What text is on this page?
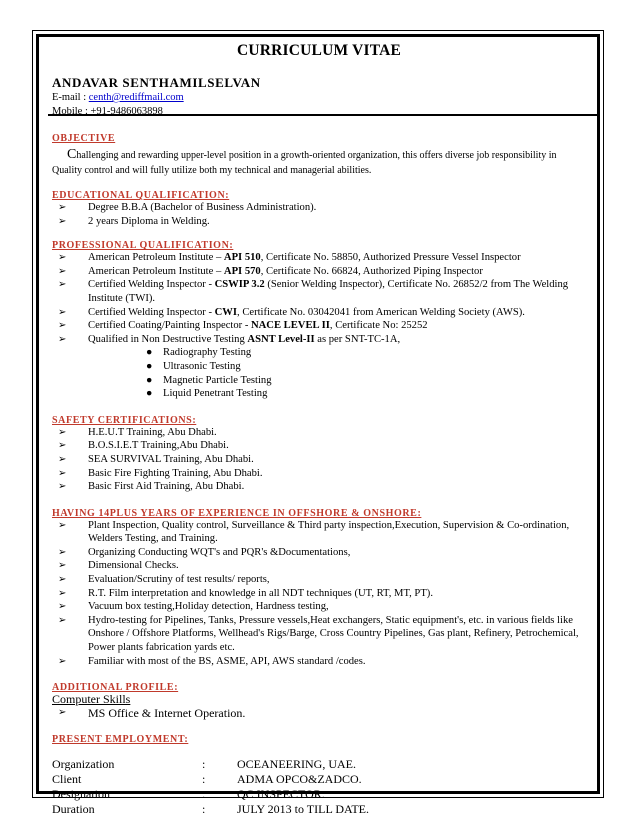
CURRICULUM VITAE
ANDAVAR SENTHAMILSELVAN
E-mail : centh@rediffmail.com
Mobile : +91-9486063898
OBJECTIVE
Challenging and rewarding upper-level position in a growth-oriented organization, this offers diverse job responsibility in Quality control and will fully utilize both my technical and managerial abilities.
EDUCATIONAL QUALIFICATION:
➢ Degree B.B.A (Bachelor of Business Administration).
➢ 2 years Diploma in Welding.
PROFESSIONAL QUALIFICATION:
➢ American Petroleum Institute – API 510, Certificate No. 58850, Authorized Pressure Vessel Inspector
➢ American Petroleum Institute – API 570, Certificate No. 66824, Authorized Piping Inspector
➢ Certified Welding Inspector - CSWIP 3.2 (Senior Welding Inspector), Certificate No. 26852/2 from The Welding Institute (TWI).
➢ Certified Welding Inspector - CWI, Certificate No. 03042041 from American Welding Society (AWS).
➢ Certified Coating/Painting Inspector - NACE LEVEL II, Certificate No: 25252
➢ Qualified in Non Destructive Testing ASNT Level-II as per SNT-TC-1A,
● Radiography Testing
● Ultrasonic Testing
● Magnetic Particle Testing
● Liquid Penetrant Testing
SAFETY CERTIFICATIONS:
➢ H.E.U.T Training, Abu Dhabi.
➢ B.O.S.I.E.T Training,Abu Dhabi.
➢ SEA SURVIVAL Training, Abu Dhabi.
➢ Basic Fire Fighting Training, Abu Dhabi.
➢ Basic First Aid Training, Abu Dhabi.
HAVING 14PLUS YEARS OF EXPERIENCE IN OFFSHORE & ONSHORE:
➢ Plant Inspection, Quality control, Surveillance & Third party inspection,Execution, Supervision & Co-ordination, Welders Testing, and Training.
➢ Organizing Conducting WQT's and PQR's &Documentations,
➢ Dimensional Checks.
➢ Evaluation/Scrutiny of test results/ reports,
➢ R.T. Film interpretation and knowledge in all NDT techniques (UT, RT, MT, PT).
➢ Vacuum box testing,Holiday detection, Hardness testing,
➢ Hydro-testing for Pipelines, Tanks, Pressure vessels,Heat exchangers, Static equipment's, etc. in various fields like Onshore / Offshore Platforms, Wellhead's Rigs/Barge, Cross Country Pipelines, Gas plant, Refinery, Petrochemical, Power plants fabrication yards etc.
➢ Familiar with most of the BS, ASME, API, AWS standard /codes.
ADDITIONAL PROFILE:
Computer Skills
➢ MS Office & Internet Operation.
PRESENT EMPLOYMENT:
Organization	:	OCEANEERING, UAE.
Client	:	ADMA OPCO&ZADCO.
Designation	:	QC INSPECTOR.
Duration	:	JULY 2013 to TILL DATE.
